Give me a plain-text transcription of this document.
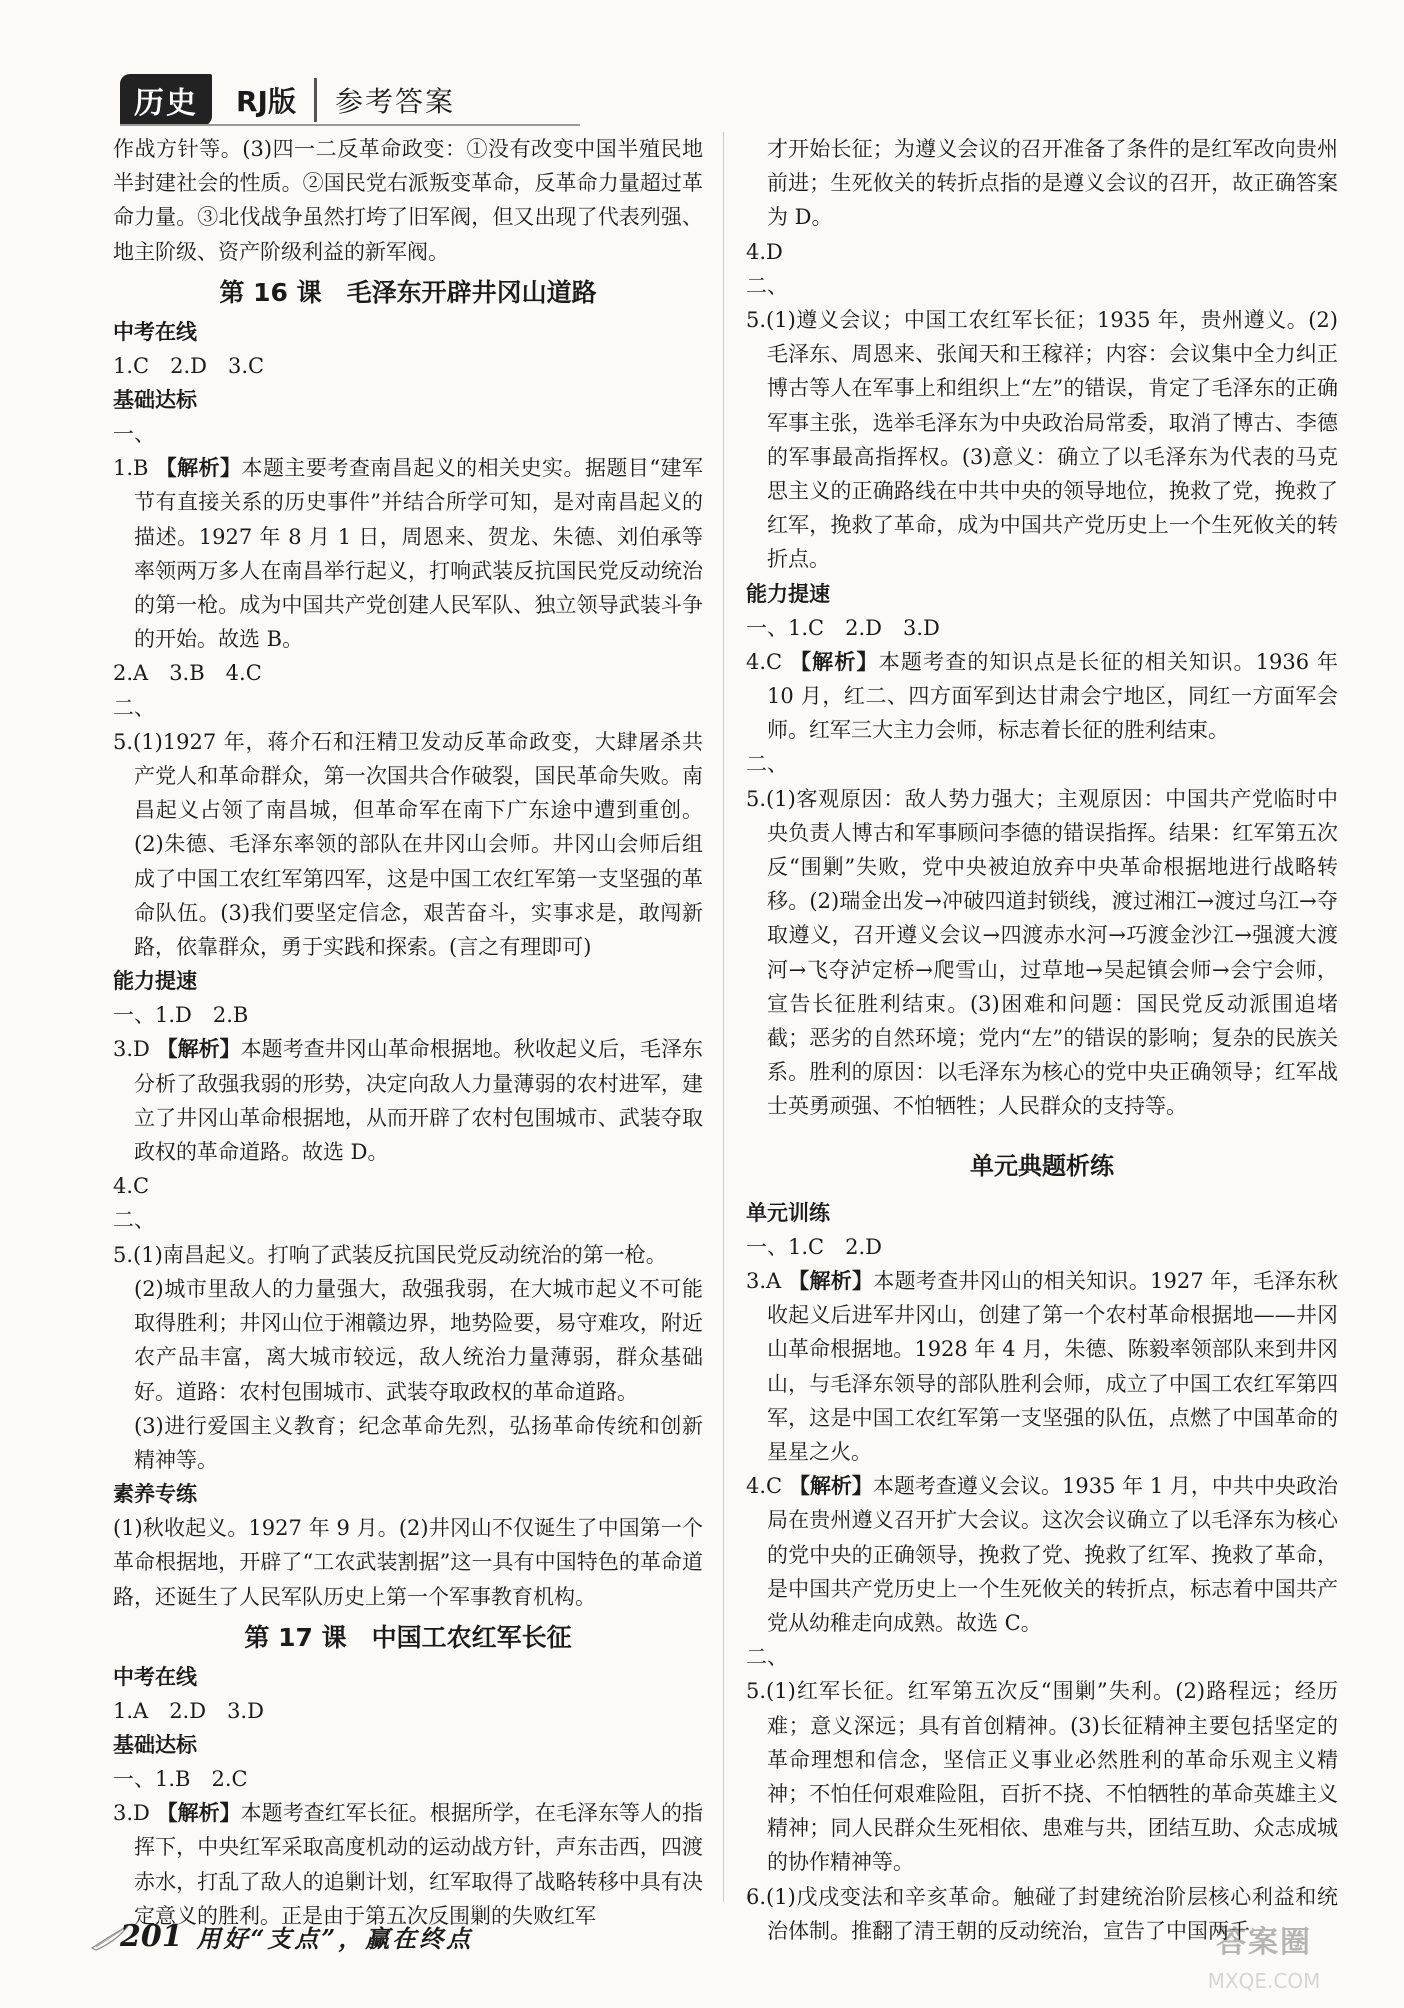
历史	RJ版	参考答案

作战方针等。(3)四一二反革命政变：①没有改变中国半殖民地半封建社会的性质。②国民党右派叛变革命，反革命力量超过革命力量。③北伐战争虽然打垮了旧军阀，但又出现了代表列强、地主阶级、资产阶级利益的新军阀。

第 16 课　毛泽东开辟井冈山道路

中考在线

1.C　2.D　3.C

基础达标

一、

1.B 【解析】本题主要考查南昌起义的相关史实。据题目“建军节有直接关系的历史事件”并结合所学可知，是对南昌起义的描述。1927 年 8 月 1 日，周恩来、贺龙、朱德、刘伯承等率领两万多人在南昌举行起义，打响武装反抗国民党反动统治的第一枪。成为中国共产党创建人民军队、独立领导武装斗争的开始。故选 B。

2.A　3.B　4.C

二、

5.(1)1927 年，蒋介石和汪精卫发动反革命政变，大肆屠杀共产党人和革命群众，第一次国共合作破裂，国民革命失败。南昌起义占领了南昌城，但革命军在南下广东途中遭到重创。(2)朱德、毛泽东率领的部队在井冈山会师。井冈山会师后组成了中国工农红军第四军，这是中国工农红军第一支坚强的革命队伍。(3)我们要坚定信念，艰苦奋斗，实事求是，敢闯新路，依靠群众，勇于实践和探索。(言之有理即可)

能力提速

一、1.D　2.B

3.D 【解析】本题考查井冈山革命根据地。秋收起义后，毛泽东分析了敌强我弱的形势，决定向敌人力量薄弱的农村进军，建立了井冈山革命根据地，从而开辟了农村包围城市、武装夺取政权的革命道路。故选 D。

4.C

二、

5.(1)南昌起义。打响了武装反抗国民党反动统治的第一枪。

(2)城市里敌人的力量强大，敌强我弱，在大城市起义不可能取得胜利；井冈山位于湘赣边界，地势险要，易守难攻，附近农产品丰富，离大城市较远，敌人统治力量薄弱，群众基础好。道路：农村包围城市、武装夺取政权的革命道路。

(3)进行爱国主义教育；纪念革命先烈，弘扬革命传统和创新精神等。

素养专练

(1)秋收起义。1927 年 9 月。(2)井冈山不仅诞生了中国第一个革命根据地，开辟了“工农武装割据”这一具有中国特色的革命道路，还诞生了人民军队历史上第一个军事教育机构。

第 17 课　中国工农红军长征

中考在线

1.A　2.D　3.D

基础达标

一、1.B　2.C

3.D 【解析】本题考查红军长征。根据所学，在毛泽东等人的指挥下，中央红军采取高度机动的运动战方针，声东击西，四渡赤水，打乱了敌人的追剿计划，红军取得了战略转移中具有决定意义的胜利。正是由于第五次反围剿的失败红军

才开始长征；为遵义会议的召开准备了条件的是红军改向贵州前进；生死攸关的转折点指的是遵义会议的召开，故正确答案为 D。

4.D

二、

5.(1)遵义会议；中国工农红军长征；1935 年，贵州遵义。(2)毛泽东、周恩来、张闻天和王稼祥；内容：会议集中全力纠正博古等人在军事上和组织上“左”的错误，肯定了毛泽东的正确军事主张，选举毛泽东为中央政治局常委，取消了博古、李德的军事最高指挥权。(3)意义：确立了以毛泽东为代表的马克思主义的正确路线在中共中央的领导地位，挽救了党，挽救了红军，挽救了革命，成为中国共产党历史上一个生死攸关的转折点。

能力提速

一、1.C　2.D　3.D

4.C 【解析】本题考查的知识点是长征的相关知识。1936 年 10 月，红二、四方面军到达甘肃会宁地区，同红一方面军会师。红军三大主力会师，标志着长征的胜利结束。

二、

5.(1)客观原因：敌人势力强大；主观原因：中国共产党临时中央负责人博古和军事顾问李德的错误指挥。结果：红军第五次反“围剿”失败，党中央被迫放弃中央革命根据地进行战略转移。(2)瑞金出发→冲破四道封锁线，渡过湘江→渡过乌江→夺取遵义，召开遵义会议→四渡赤水河→巧渡金沙江→强渡大渡河→飞夺泸定桥→爬雪山，过草地→吴起镇会师→会宁会师，宣告长征胜利结束。(3)困难和问题：国民党反动派围追堵截；恶劣的自然环境；党内“左”的错误的影响；复杂的民族关系。胜利的原因：以毛泽东为核心的党中央正确领导；红军战士英勇顽强、不怕牺牲；人民群众的支持等。

单元典题析练

单元训练

一、1.C　2.D

3.A 【解析】本题考查井冈山的相关知识。1927 年，毛泽东秋收起义后进军井冈山，创建了第一个农村革命根据地——井冈山革命根据地。1928 年 4 月，朱德、陈毅率领部队来到井冈山，与毛泽东领导的部队胜利会师，成立了中国工农红军第四军，这是中国工农红军第一支坚强的队伍，点燃了中国革命的星星之火。

4.C 【解析】本题考查遵义会议。1935 年 1 月，中共中央政治局在贵州遵义召开扩大会议。这次会议确立了以毛泽东为核心的党中央的正确领导，挽救了党、挽救了红军、挽救了革命，是中国共产党历史上一个生死攸关的转折点，标志着中国共产党从幼稚走向成熟。故选 C。

二、

5.(1)红军长征。红军第五次反“围剿”失利。(2)路程远；经历难；意义深远；具有首创精神。(3)长征精神主要包括坚定的革命理想和信念，坚信正义事业必然胜利的革命乐观主义精神；不怕任何艰难险阻，百折不挠、不怕牺牲的革命英雄主义精神；同人民群众生死相依、患难与共，团结互助、众志成城的协作精神等。

6.(1)戊戌变法和辛亥革命。触碰了封建统治阶层核心利益和统治体制。推翻了清王朝的反动统治，宣告了中国两千

201 用好“支点”，赢在终点	答案圈
MXQE.COM
